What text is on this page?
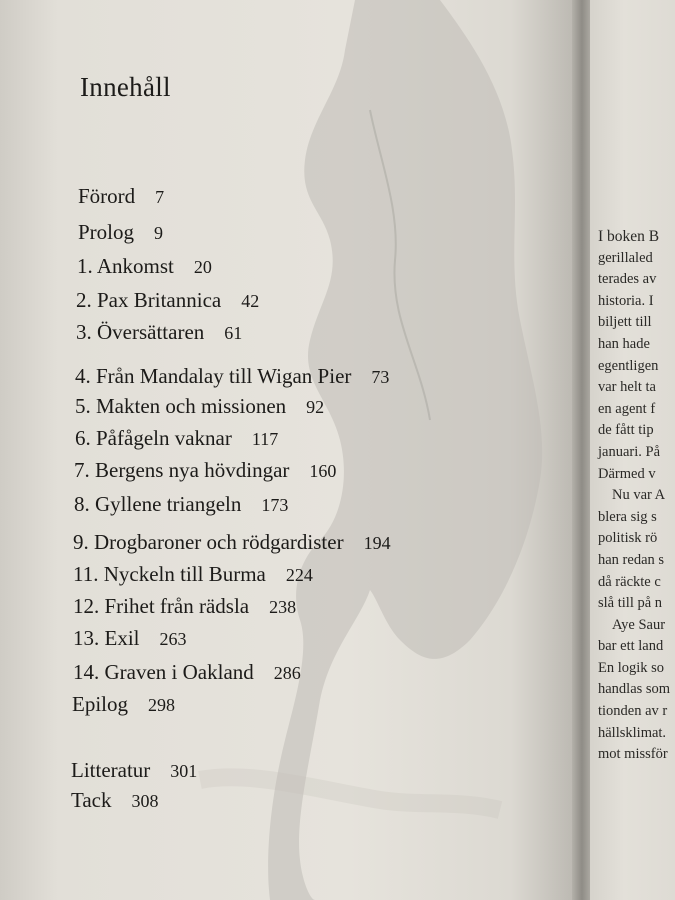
Innehåll
Förord 7
Prolog 9
1. Ankomst 20
2. Pax Britannica 42
3. Översättaren 61
4. Från Mandalay till Wigan Pier 73
5. Makten och missionen 92
6. Påfågeln vaknar 117
7. Bergens nya hövdingar 160
8. Gyllene triangeln 173
9. Drogbaroner och rödgardister 194
11. Nyckeln till Burma 224
12. Frihet från rädsla 238
13. Exil 263
14. Graven i Oakland 286
Epilog 298
Litteratur 301
Tack 308
I boken B
gerillaled
terades av
historia. I
biljett till
han hade
egentligen
var helt ta
en agent f
de fått tip
januari. På
Därmed v
Nu var A
blera sig s
politisk rö
han redan s
då räckte c
slå till på n
Aye Saur
bar ett land
En logik so
handlas som
tionden av r
hällsklimat.
mot missför
